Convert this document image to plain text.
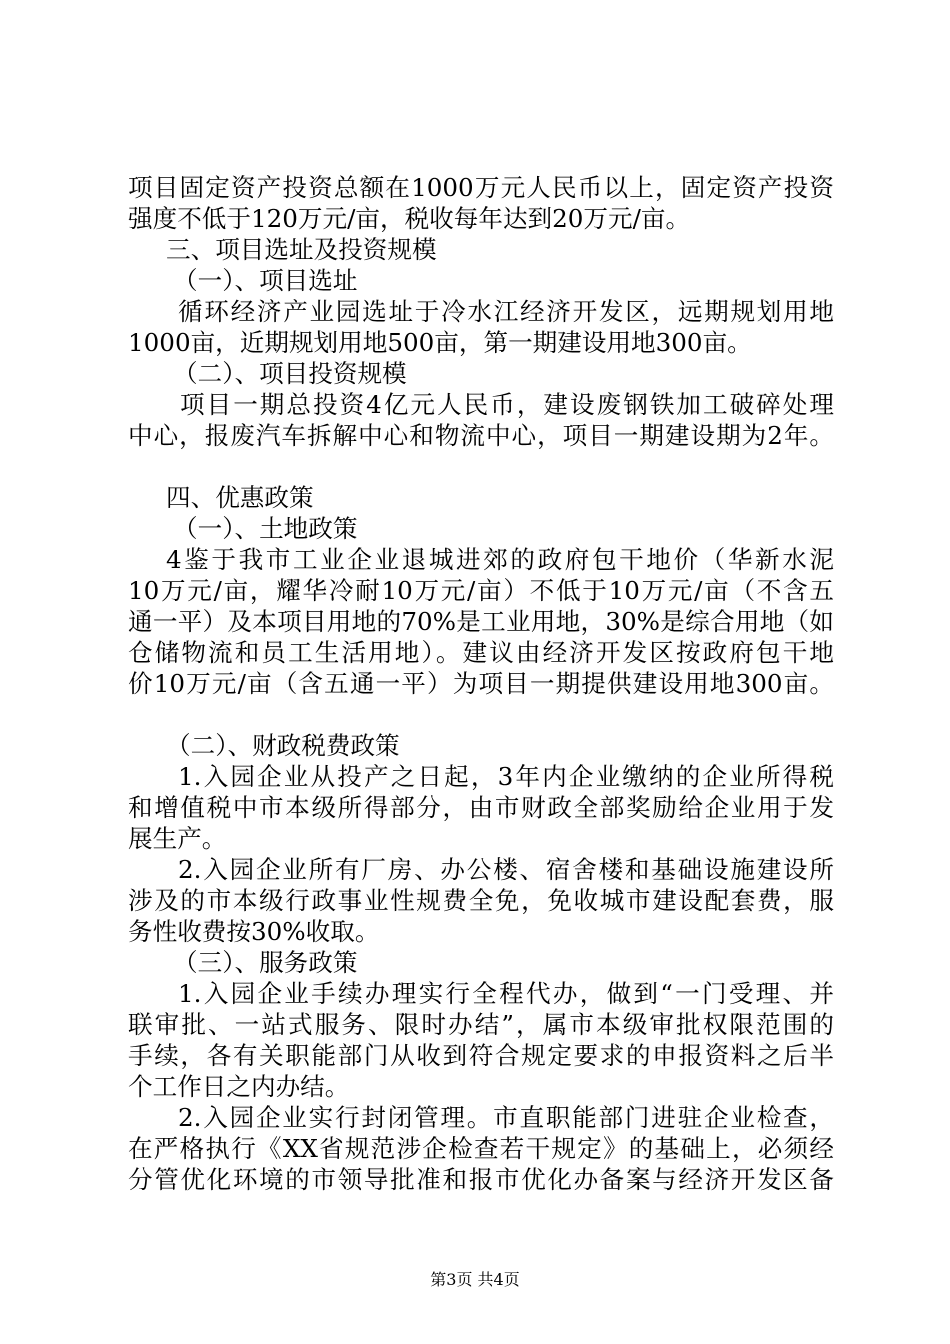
项目固定资产投资总额在1000万元人民币以上，固定资产投资
强度不低于120万元/亩，税收每年达到20万元/亩。
三、项目选址及投资规模
（一）、项目选址
循环经济产业园选址于冷水江经济开发区，远期规划用地
1000亩，近期规划用地500亩，第一期建设用地300亩。
（二）、项目投资规模
项目一期总投资4亿元人民币，建设废钢铁加工破碎处理
中心，报废汽车拆解中心和物流中心，项目一期建设期为2年。
四、优惠政策
（一）、土地政策
4鉴于我市工业企业退城进郊的政府包干地价（华新水泥
10万元/亩，耀华冷耐10万元/亩）不低于10万元/亩（不含五
通一平）及本项目用地的70%是工业用地，30%是综合用地（如
仓储物流和员工生活用地）。建议由经济开发区按政府包干地
价10万元/亩（含五通一平）为项目一期提供建设用地300亩。
（二）、财政税费政策
1.入园企业从投产之日起，3年内企业缴纳的企业所得税
和增值税中市本级所得部分，由市财政全部奖励给企业用于发
展生产。
2.入园企业所有厂房、办公楼、宿舍楼和基础设施建设所
涉及的市本级行政事业性规费全免，免收城市建设配套费，服
务性收费按30%收取。
（三）、服务政策
1.入园企业手续办理实行全程代办，做到“一门受理、并
联审批、一站式服务、限时办结”，属市本级审批权限范围的
手续，各有关职能部门从收到符合规定要求的申报资料之后半
个工作日之内办结。
2.入园企业实行封闭管理。市直职能部门进驻企业检查，
在严格执行《XX省规范涉企检查若干规定》的基础上，必须经
分管优化环境的市领导批准和报市优化办备案与经济开发区备
第3页 共4页
